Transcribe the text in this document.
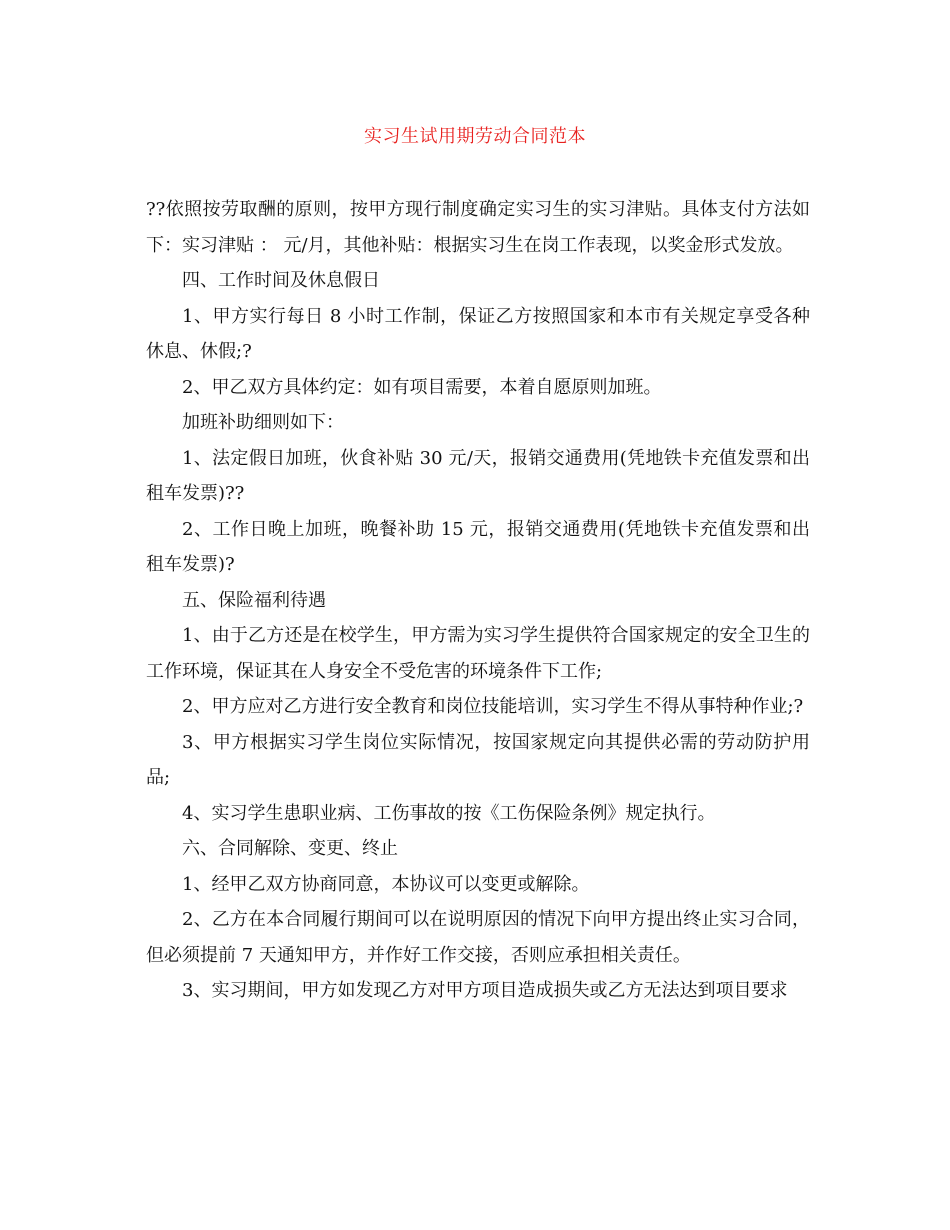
实习生试用期劳动合同范本

??依照按劳取酬的原则，按甲方现行制度确定实习生的实习津贴。具体支付方法如下：实习津贴 ： 元/月，其他补贴：根据实习生在岗工作表现，以奖金形式发放。

四、工作时间及休息假日

1、甲方实行每日 8 小时工作制，保证乙方按照国家和本市有关规定享受各种休息、休假;?

2、甲乙双方具体约定：如有项目需要，本着自愿原则加班。

加班补助细则如下：

1、法定假日加班，伙食补贴 30 元/天，报销交通费用(凭地铁卡充值发票和出租车发票)??

2、工作日晚上加班，晚餐补助 15 元，报销交通费用(凭地铁卡充值发票和出租车发票)?

五、保险福利待遇

1、由于乙方还是在校学生，甲方需为实习学生提供符合国家规定的安全卫生的工作环境，保证其在人身安全不受危害的环境条件下工作;

2、甲方应对乙方进行安全教育和岗位技能培训，实习学生不得从事特种作业;?

3、甲方根据实习学生岗位实际情况，按国家规定向其提供必需的劳动防护用品;

4、实习学生患职业病、工伤事故的按《工伤保险条例》规定执行。

六、合同解除、变更、终止

1、经甲乙双方协商同意，本协议可以变更或解除。

2、乙方在本合同履行期间可以在说明原因的情况下向甲方提出终止实习合同，但必须提前 7 天通知甲方，并作好工作交接，否则应承担相关责任。

3、实习期间，甲方如发现乙方对甲方项目造成损失或乙方无法达到项目要求
